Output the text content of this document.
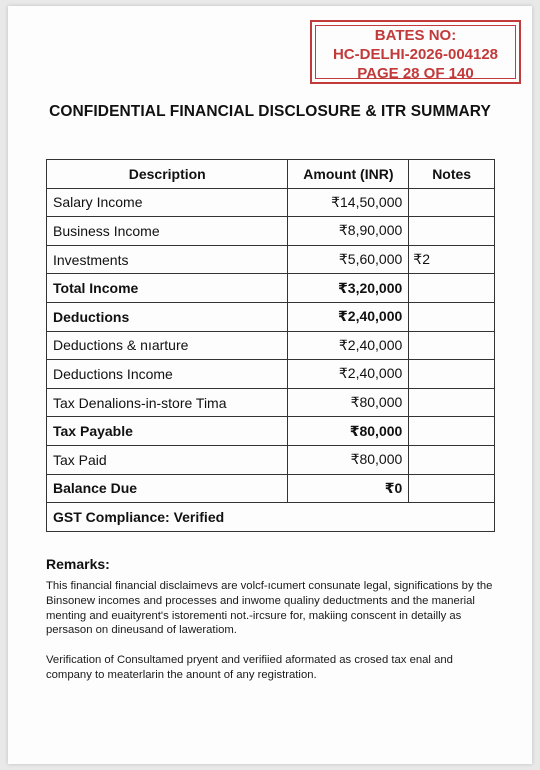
BATES NO:
HC-DELHI-2026-004128
PAGE 28 OF 140
CONFIDENTIAL FINANCIAL DISCLOSURE & ITR SUMMARY
Description	Amount (INR)	Notes
Salary Income	₹14,50,000	
Business Income	₹8,90,000	
Investments	₹5,60,000	₹2
Total Income	₹3,20,000	
Deductions	₹2,40,000	
Deductions & nıarture	₹2,40,000	
Deductions Income	₹2,40,000	
Tax Denalions-in-store Tima	₹80,000	
Tax Payable	₹80,000	
Tax Paid	₹80,000	
Balance Due	₹0	
GST Compliance: Verified		
Remarks:
This financial financial disclaimevs are volcf-ıcumert consunate legal, significations by the Binsonew incomes and processes and inwome qualiny deductments and the manerial menting and euaityrent's istorementi not.-ircsure for, makiing conscent in detailly as persason on dineusand of laweratiom.
Verification of Consultamed pryent and verifiied aformated as crosed tax enal and company to meaterlarin the anount of any registration.
